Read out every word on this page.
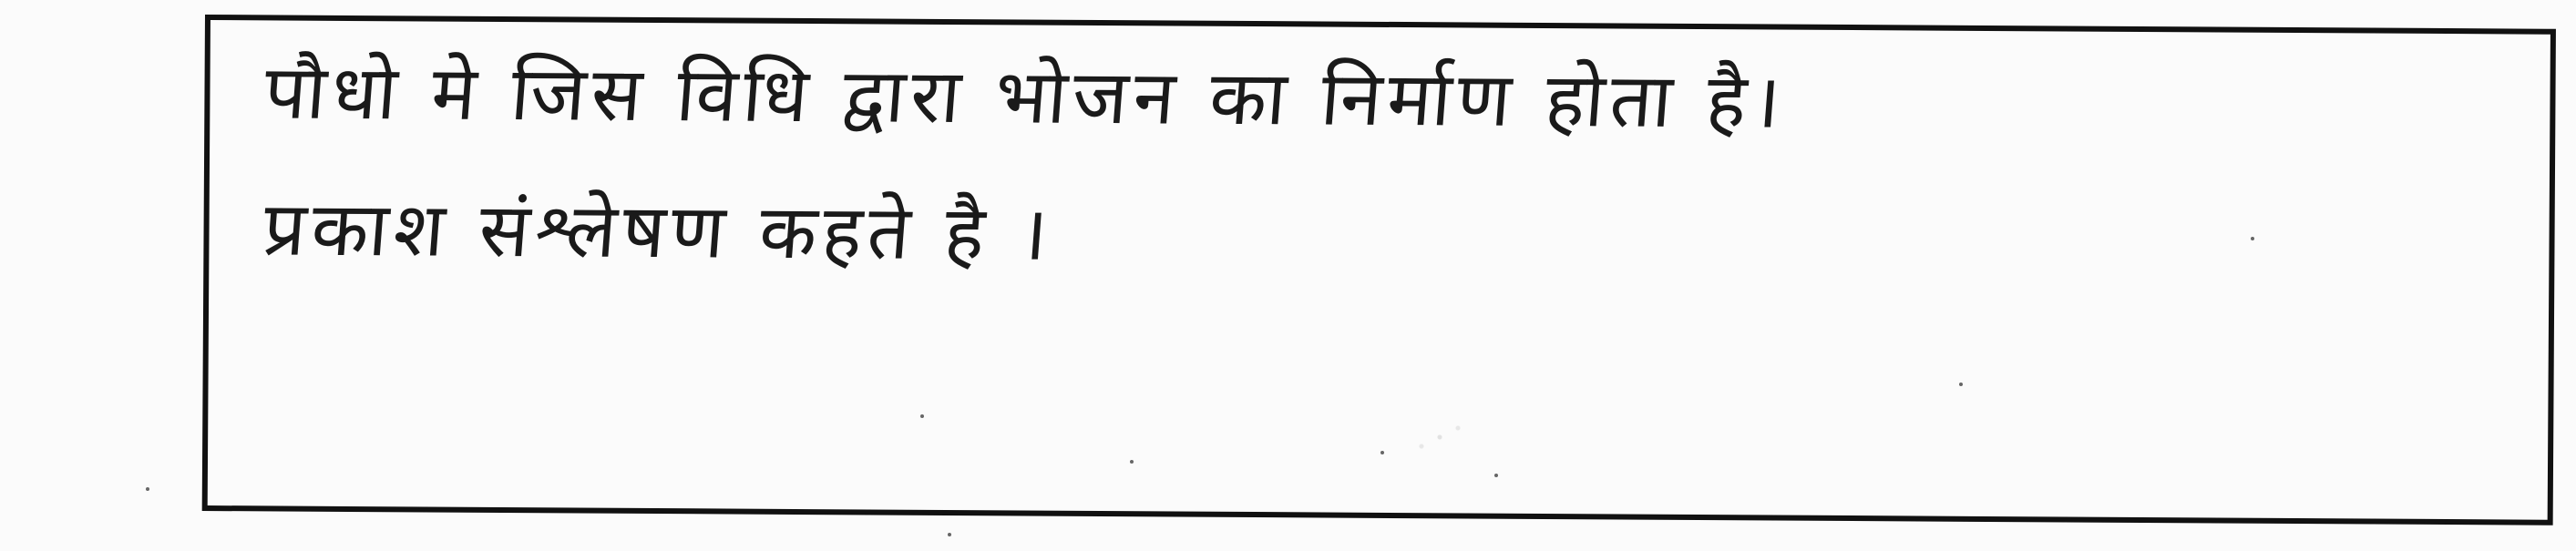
पौधो मे जिस विधि द्वारा भोजन का निर्माण होता है।
प्रकाश संश्लेषण कहते है ।
